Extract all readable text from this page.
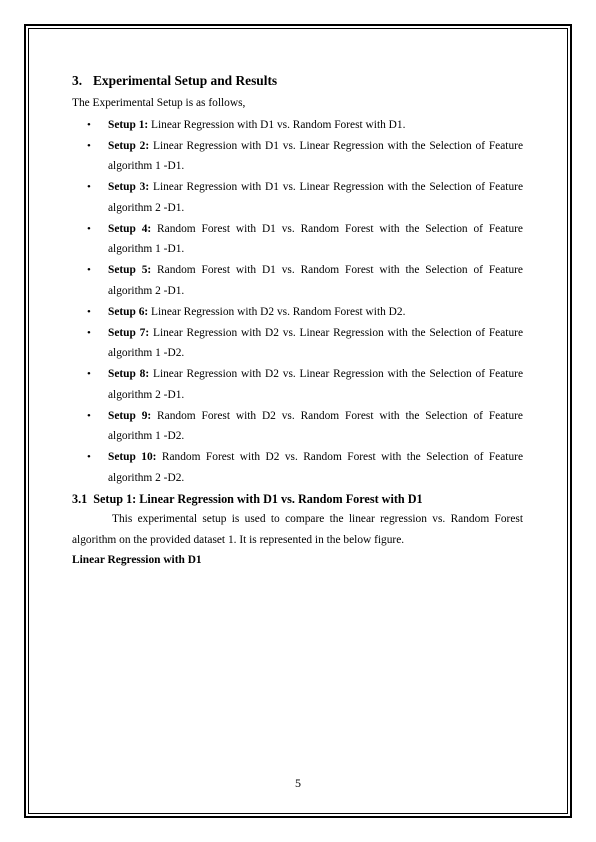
3. Experimental Setup and Results

The Experimental Setup is as follows,

• Setup 1: Linear Regression with D1 vs. Random Forest with D1.
• Setup 2: Linear Regression with D1 vs. Linear Regression with the Selection of Feature algorithm 1 -D1.
• Setup 3: Linear Regression with D1 vs. Linear Regression with the Selection of Feature algorithm 2 -D1.
• Setup 4: Random Forest with D1 vs. Random Forest with the Selection of Feature algorithm 1 -D1.
• Setup 5: Random Forest with D1 vs. Random Forest with the Selection of Feature algorithm 2 -D1.
• Setup 6: Linear Regression with D2 vs. Random Forest with D2.
• Setup 7: Linear Regression with D2 vs. Linear Regression with the Selection of Feature algorithm 1 -D2.
• Setup 8: Linear Regression with D2 vs. Linear Regression with the Selection of Feature algorithm 2 -D1.
• Setup 9: Random Forest with D2 vs. Random Forest with the Selection of Feature algorithm 1 -D2.
• Setup 10: Random Forest with D2 vs. Random Forest with the Selection of Feature algorithm 2 -D2.
3.1 Setup 1: Linear Regression with D1 vs. Random Forest with D1

This experimental setup is used to compare the linear regression vs. Random Forest algorithm on the provided dataset 1. It is represented in the below figure.

Linear Regression with D1

5
